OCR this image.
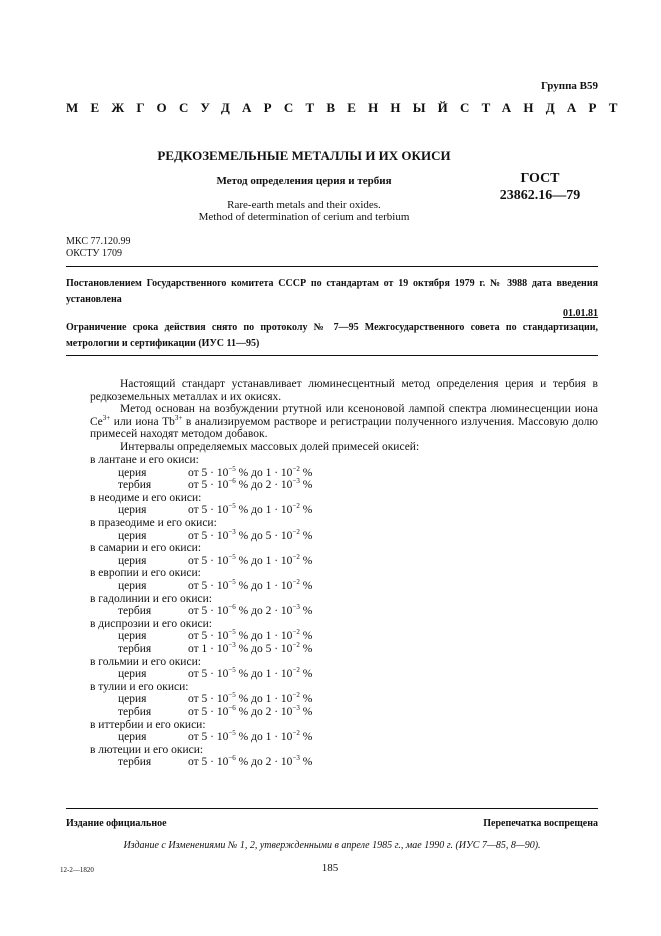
Группа В59
МЕЖГОСУДАРСТВЕННЫЙ СТАНДАРТ
РЕДКОЗЕМЕЛЬНЫЕ МЕТАЛЛЫ И ИХ ОКИСИ
Метод определения церия и тербия
Rare-earth metals and their oxides.
Method of determination of cerium and terbium
ГОСТ
23862.16—79
МКС 77.120.99
ОКСТУ 1709
Постановлением Государственного комитета СССР по стандартам от 19 октября 1979 г. № 3988 дата введения установлена
01.01.81
Ограничение срока действия снято по протоколу № 7—95 Межгосударственного совета по стандартизации, метрологии и сертификации (ИУС 11—95)
Настоящий стандарт устанавливает люминесцентный метод определения церия и тербия в редкоземельных металлах и их окисях.
Метод основан на возбуждении ртутной или ксеноновой лампой спектра люминесценции иона $Ce^{3+}$ или иона $Tb^{3+}$ в анализируемом растворе и регистрации полученного излучения. Массовую долю примесей находят методом добавок.
Интервалы определяемых массовых долей примесей окисей:
в лантане и его окиси:
церия	от $5 \cdot 10^{-5}$ % до $1 \cdot 10^{-2}$ %
тербия	от $5 \cdot 10^{-6}$ % до $2 \cdot 10^{-3}$ %
в неодиме и его окиси:
церия	от $5 \cdot 10^{-5}$ % до $1 \cdot 10^{-2}$ %
в празеодиме и его окиси:
церия	от $5 \cdot 10^{-3}$ % до $5 \cdot 10^{-2}$ %
в самарии и его окиси:
церия	от $5 \cdot 10^{-5}$ % до $1 \cdot 10^{-2}$ %
в европии и его окиси:
церия	от $5 \cdot 10^{-5}$ % до $1 \cdot 10^{-2}$ %
в гадолинии и его окиси:
тербия	от $5 \cdot 10^{-6}$ % до $2 \cdot 10^{-3}$ %
в диспрозии и его окиси:
церия	от $5 \cdot 10^{-5}$ % до $1 \cdot 10^{-2}$ %
тербия	от $1 \cdot 10^{-3}$ % до $5 \cdot 10^{-2}$ %
в гольмии и его окиси:
церия	от $5 \cdot 10^{-5}$ % до $1 \cdot 10^{-2}$ %
в тулии и его окиси:
церия	от $5 \cdot 10^{-5}$ % до $1 \cdot 10^{-2}$ %
тербия	от $5 \cdot 10^{-6}$ % до $2 \cdot 10^{-3}$ %
в иттербии и его окиси:
церия	от $5 \cdot 10^{-5}$ % до $1 \cdot 10^{-2}$ %
в лютеции и его окиси:
тербия	от $5 \cdot 10^{-6}$ % до $2 \cdot 10^{-3}$ %
Издание официальное	Перепечатка воспрещена
Издание с Изменениями № 1, 2, утвержденными в апреле 1985 г., мае 1990 г. (ИУС 7—85, 8—90).
12-2—1820	185
